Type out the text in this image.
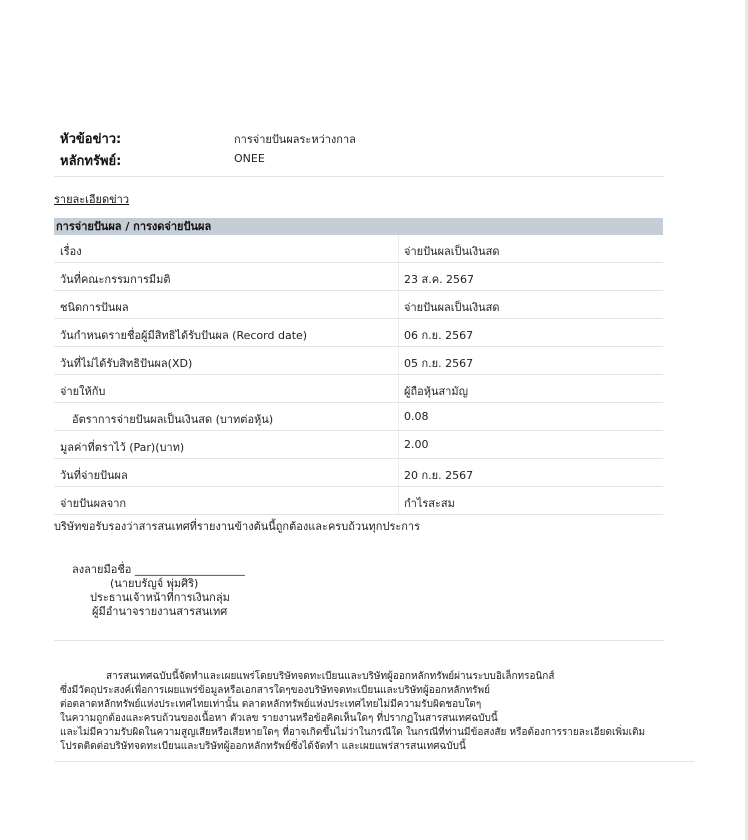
หัวข้อข่าว:	การจ่ายปันผลระหว่างกาล
หลักทรัพย์:	ONEE
รายละเอียดข่าว
การจ่ายปันผล / การงดจ่ายปันผล
เรื่อง	จ่ายปันผลเป็นเงินสด
วันที่คณะกรรมการมีมติ	23 ส.ค. 2567
ชนิดการปันผล	จ่ายปันผลเป็นเงินสด
วันกำหนดรายชื่อผู้มีสิทธิได้รับปันผล (Record date)	06 ก.ย. 2567
วันที่ไม่ได้รับสิทธิปันผล(XD)	05 ก.ย. 2567
จ่ายให้กับ	ผู้ถือหุ้นสามัญ
อัตราการจ่ายปันผลเป็นเงินสด (บาทต่อหุ้น)	0.08
มูลค่าที่ตราไว้ (Par)(บาท)	2.00
วันที่จ่ายปันผล	20 ก.ย. 2567
จ่ายปันผลจาก	กำไรสะสม
บริษัทขอรับรองว่าสารสนเทศที่รายงานข้างต้นนี้ถูกต้องและครบถ้วนทุกประการ
ลงลายมือชื่อ ____________________
(นายบรัญจ์ พุ่มศิริ)
ประธานเจ้าหน้าที่การเงินกลุ่ม
ผู้มีอำนาจรายงานสารสนเทศ
สารสนเทศฉบับนี้จัดทำและเผยแพร่โดยบริษัทจดทะเบียนและบริษัทผู้ออกหลักทรัพย์ผ่านระบบอิเล็กทรอนิกส์
ซึ่งมีวัตถุประสงค์เพื่อการเผยแพร่ข้อมูลหรือเอกสารใดๆของบริษัทจดทะเบียนและบริษัทผู้ออกหลักทรัพย์
ต่อตลาดหลักทรัพย์แห่งประเทศไทยเท่านั้น ตลาดหลักทรัพย์แห่งประเทศไทยไม่มีความรับผิดชอบใดๆ
ในความถูกต้องและครบถ้วนของเนื้อหา ตัวเลข รายงานหรือข้อคิดเห็นใดๆ ที่ปรากฏในสารสนเทศฉบับนี้
และไม่มีความรับผิดในความสูญเสียหรือเสียหายใดๆ ที่อาจเกิดขึ้นไม่ว่าในกรณีใด ในกรณีที่ท่านมีข้อสงสัย หรือต้องการรายละเอียดเพิ่มเติม
โปรดติดต่อบริษัทจดทะเบียนและบริษัทผู้ออกหลักทรัพย์ซึ่งได้จัดทำ และเผยแพร่สารสนเทศฉบับนี้
